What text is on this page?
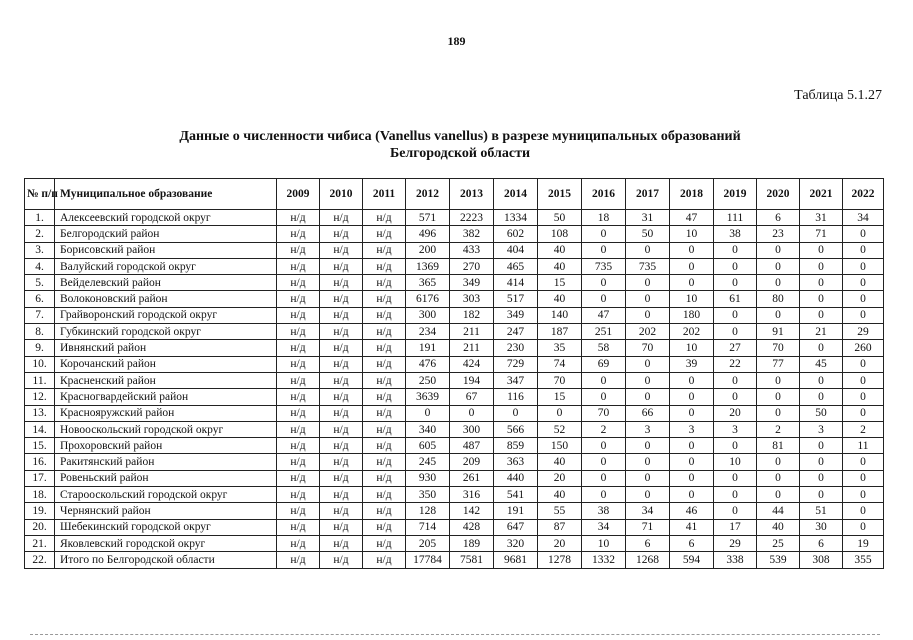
189
Таблица 5.1.27
Данные о численности чибиса (Vanellus vanellus) в разрезе муниципальных образований
Белгородской области
№ п/п	Муниципальное образование	2009	2010	2011	2012	2013	2014	2015	2016	2017	2018	2019	2020	2021	2022
1.	Алексеевский городской округ	н/д	н/д	н/д	571	2223	1334	50	18	31	47	111	6	31	34
2.	Белгородский район	н/д	н/д	н/д	496	382	602	108	0	50	10	38	23	71	0
3.	Борисовский район	н/д	н/д	н/д	200	433	404	40	0	0	0	0	0	0	0
4.	Валуйский городской округ	н/д	н/д	н/д	1369	270	465	40	735	735	0	0	0	0	0
5.	Вейделевский район	н/д	н/д	н/д	365	349	414	15	0	0	0	0	0	0	0
6.	Волоконовский район	н/д	н/д	н/д	6176	303	517	40	0	0	10	61	80	0	0
7.	Грайворонский городской округ	н/д	н/д	н/д	300	182	349	140	47	0	180	0	0	0	0
8.	Губкинский городской округ	н/д	н/д	н/д	234	211	247	187	251	202	202	0	91	21	29
9.	Ивнянский район	н/д	н/д	н/д	191	211	230	35	58	70	10	27	70	0	260
10.	Корочанский район	н/д	н/д	н/д	476	424	729	74	69	0	39	22	77	45	0
11.	Красненский район	н/д	н/д	н/д	250	194	347	70	0	0	0	0	0	0	0
12.	Красногвардейский район	н/д	н/д	н/д	3639	67	116	15	0	0	0	0	0	0	0
13.	Краснояружский район	н/д	н/д	н/д	0	0	0	0	70	66	0	20	0	50	0
14.	Новооскольский городской округ	н/д	н/д	н/д	340	300	566	52	2	3	3	3	2	3	2
15.	Прохоровский район	н/д	н/д	н/д	605	487	859	150	0	0	0	0	81	0	11
16.	Ракитянский район	н/д	н/д	н/д	245	209	363	40	0	0	0	10	0	0	0
17.	Ровеньский район	н/д	н/д	н/д	930	261	440	20	0	0	0	0	0	0	0
18.	Старооскольский городской округ	н/д	н/д	н/д	350	316	541	40	0	0	0	0	0	0	0
19.	Чернянский район	н/д	н/д	н/д	128	142	191	55	38	34	46	0	44	51	0
20.	Шебекинский городской округ	н/д	н/д	н/д	714	428	647	87	34	71	41	17	40	30	0
21.	Яковлевский городской округ	н/д	н/д	н/д	205	189	320	20	10	6	6	29	25	6	19
22.	Итого по Белгородской области	н/д	н/д	н/д	17784	7581	9681	1278	1332	1268	594	338	539	308	355
